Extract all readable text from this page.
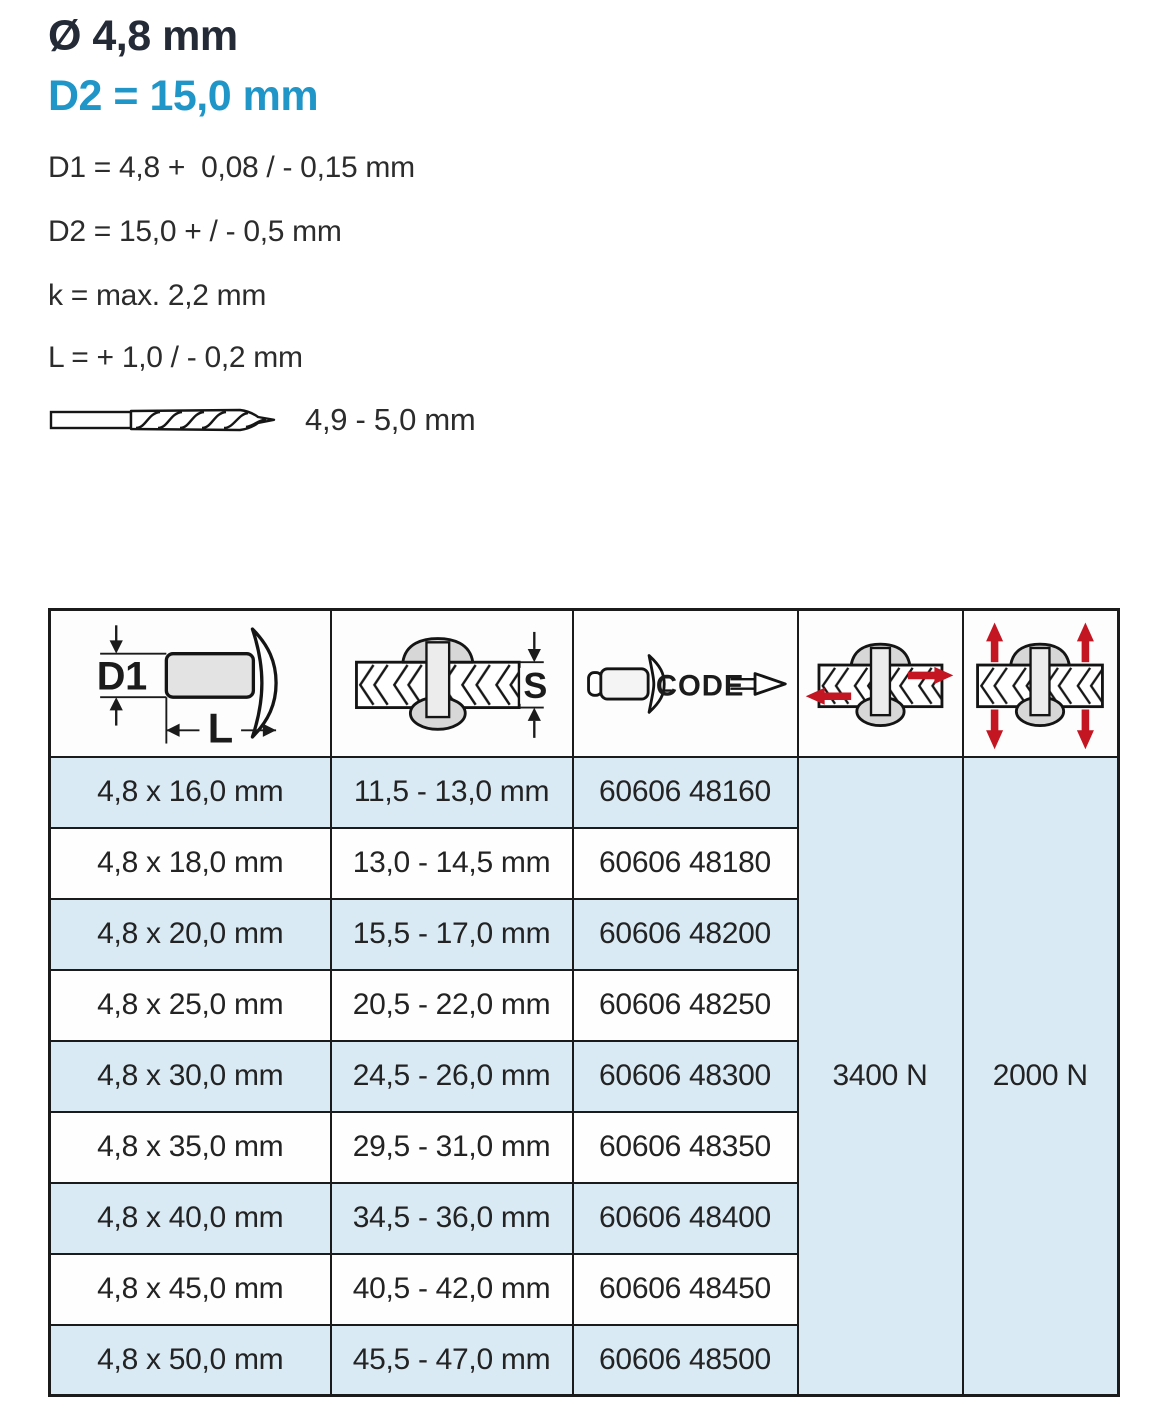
Ø 4,8 mm
D2 = 15,0 mm
D1 = 4,8 +  0,08 / - 0,15 mm
D2 = 15,0 + / - 0,5 mm
k = max. 2,2 mm
L = + 1,0 / - 0,2 mm
4,9 - 5,0 mm
D1
L	S	CODE

4,8 x 16,0 mm	11,5 - 13,0 mm	60606 48160	3400 N	2000 N
4,8 x 18,0 mm	13,0 - 14,5 mm	60606 48180		
4,8 x 20,0 mm	15,5 - 17,0 mm	60606 48200		
4,8 x 25,0 mm	20,5 - 22,0 mm	60606 48250		
4,8 x 30,0 mm	24,5 - 26,0 mm	60606 48300		
4,8 x 35,0 mm	29,5 - 31,0 mm	60606 48350		
4,8 x 40,0 mm	34,5 - 36,0 mm	60606 48400		
4,8 x 45,0 mm	40,5 - 42,0 mm	60606 48450		
4,8 x 50,0 mm	45,5 - 47,0 mm	60606 48500		
